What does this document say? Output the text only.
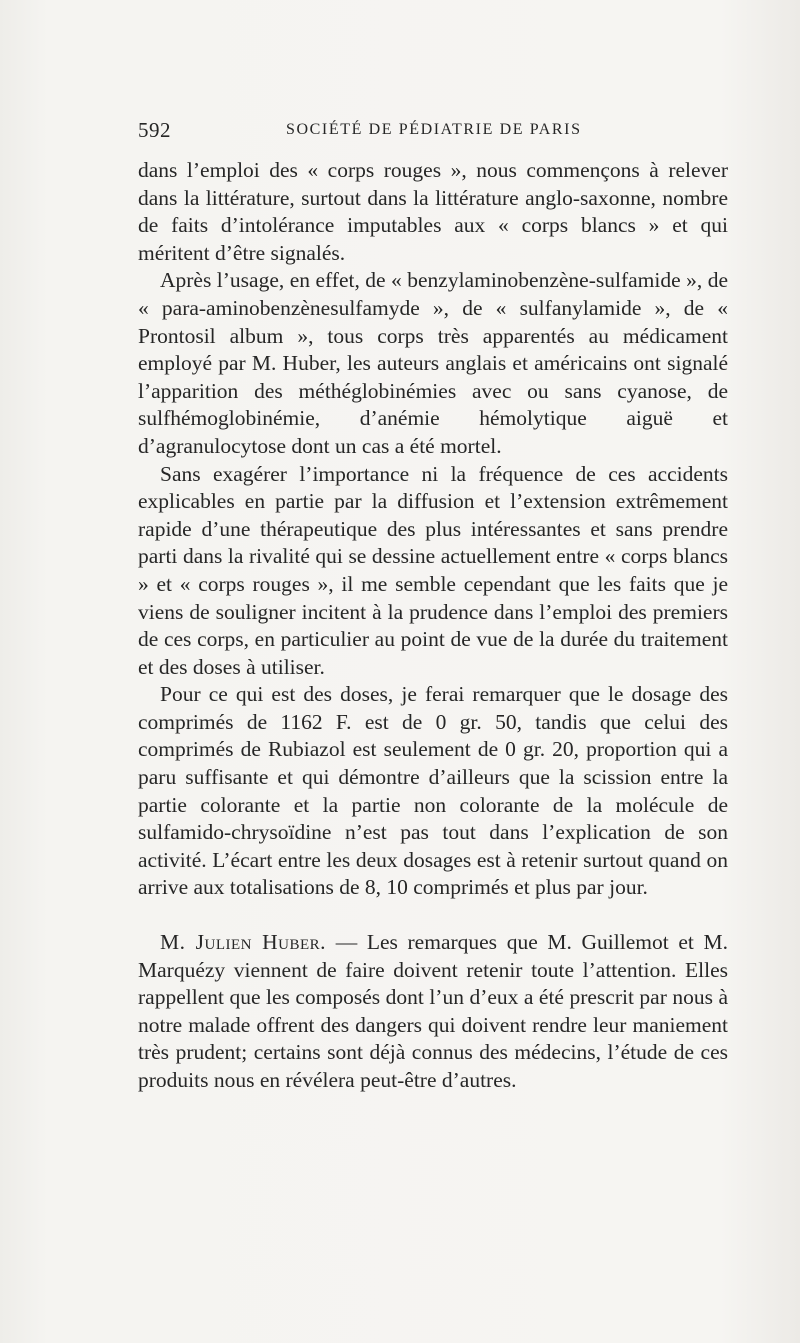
592	SOCIÉTÉ DE PÉDIATRIE DE PARIS

dans l’emploi des « corps rouges », nous commençons à relever dans la littérature, surtout dans la littérature anglo-saxonne, nombre de faits d’intolérance imputables aux « corps blancs » et qui méritent d’être signalés.

Après l’usage, en effet, de « benzylaminobenzène-sulfamide », de « para-aminobenzènesulfamyde », de « sulfanylamide », de « Prontosil album », tous corps très apparentés au médicament employé par M. Huber, les auteurs anglais et américains ont signalé l’apparition des méthéglobinémies avec ou sans cyanose, de sulfhémoglobinémie, d’anémie hémolytique aiguë et d’agranulocytose dont un cas a été mortel.

Sans exagérer l’importance ni la fréquence de ces accidents explicables en partie par la diffusion et l’extension extrêmement rapide d’une thérapeutique des plus intéressantes et sans prendre parti dans la rivalité qui se dessine actuellement entre « corps blancs » et « corps rouges », il me semble cependant que les faits que je viens de souligner incitent à la prudence dans l’emploi des premiers de ces corps, en particulier au point de vue de la durée du traitement et des doses à utiliser.

Pour ce qui est des doses, je ferai remarquer que le dosage des comprimés de 1162 F. est de 0 gr. 50, tandis que celui des comprimés de Rubiazol est seulement de 0 gr. 20, proportion qui a paru suffisante et qui démontre d’ailleurs que la scission entre la partie colorante et la partie non colorante de la molécule de sulfamido-chrysoïdine n’est pas tout dans l’explication de son activité. L’écart entre les deux dosages est à retenir surtout quand on arrive aux totalisations de 8, 10 comprimés et plus par jour.

M. Julien Huber. — Les remarques que M. Guillemot et M. Marquézy viennent de faire doivent retenir toute l’attention. Elles rappellent que les composés dont l’un d’eux a été prescrit par nous à notre malade offrent des dangers qui doivent rendre leur maniement très prudent; certains sont déjà connus des médecins, l’étude de ces produits nous en révélera peut-être d’autres.
